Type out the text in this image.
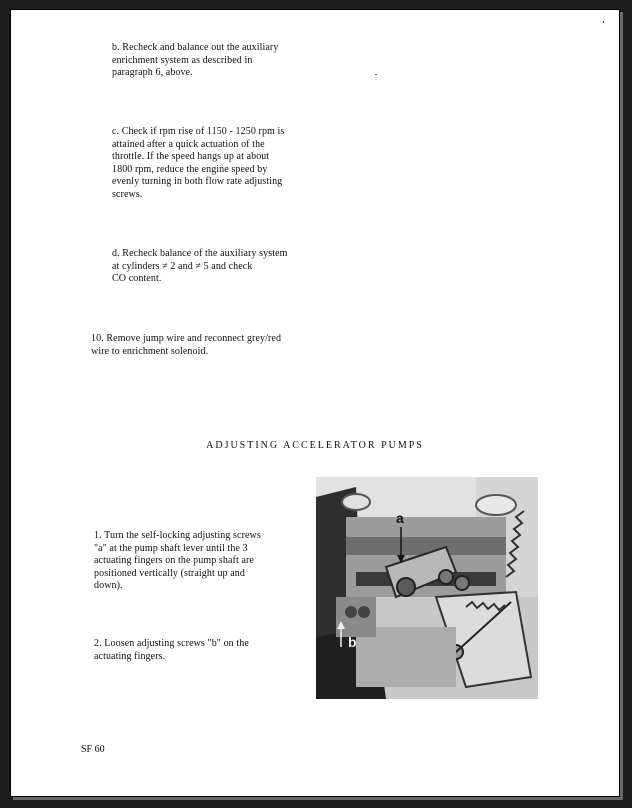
b. Recheck and balance out the auxiliary
enrichment system as described in
paragraph 6, above.
c. Check if rpm rise of 1150 - 1250 rpm is
attained after a quick actuation of the
throttle. If the speed hangs up at about
1800 rpm, reduce the engine speed by
evenly turning in both flow rate adjusting
screws.
d. Recheck balance of the auxiliary system
at cylinders ≠ 2 and ≠ 5 and check
CO content.
10. Remove jump wire and reconnect grey/red
wire to enrichment solenoid.
ADJUSTING ACCELERATOR PUMPS
1. Turn the self-locking adjusting screws
"a" at the pump shaft lever until the 3
actuating fingers on the pump shaft are
positioned vertically (straight up and
down).
2. Loosen adjusting screws "b" on the
actuating fingers.
a
b
SF 60
